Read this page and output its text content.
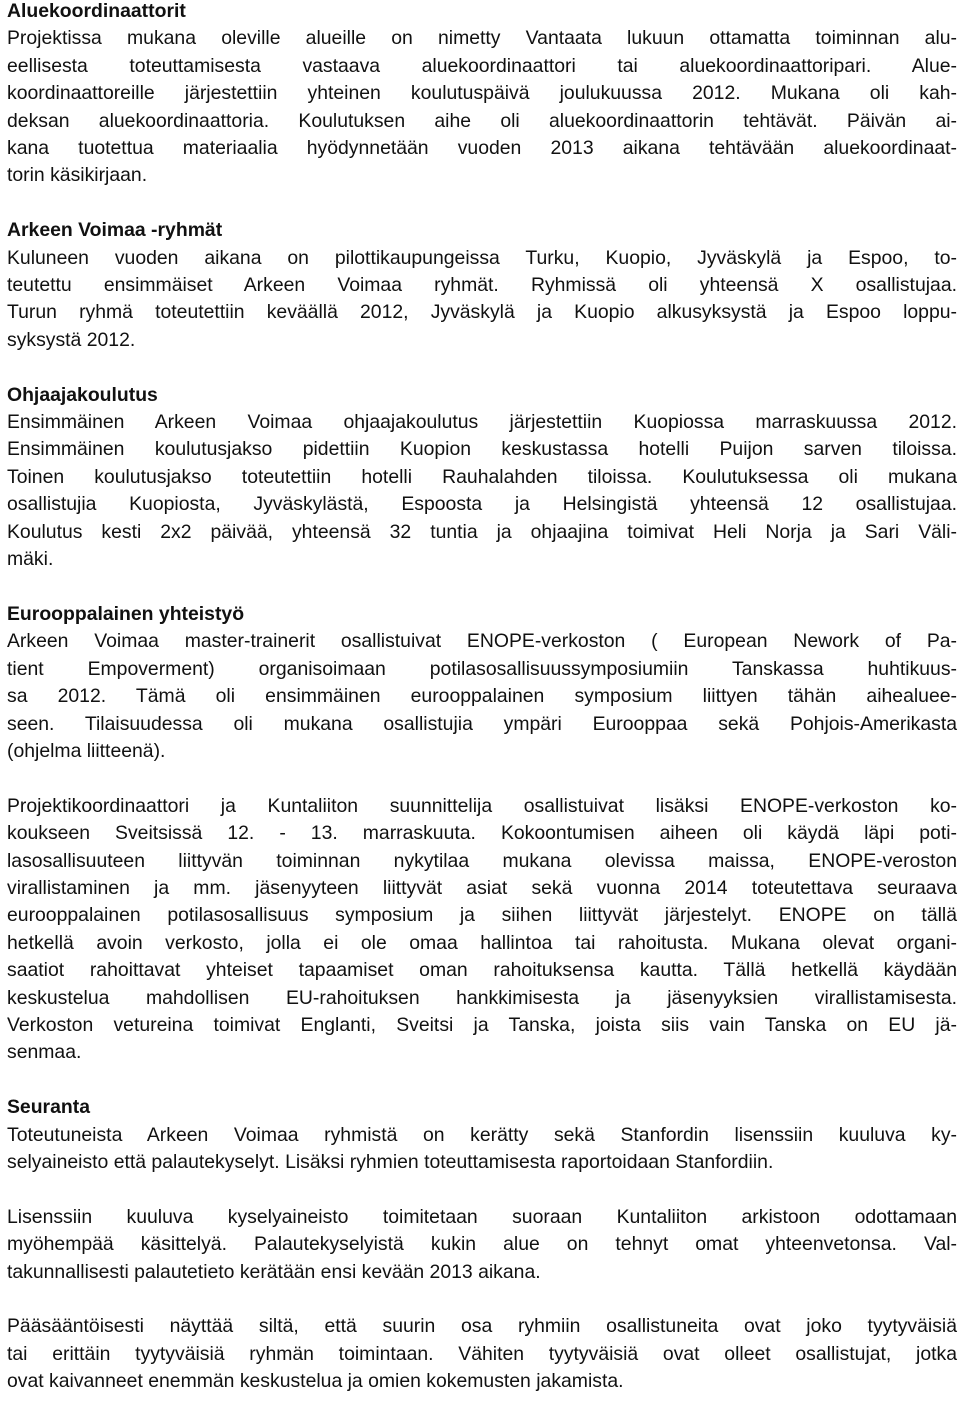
Aluekoordinaattorit
Projektissa mukana oleville alueille on nimetty Vantaata lukuun ottamatta toiminnan alu-
eellisesta toteuttamisesta vastaava aluekoordinaattori tai aluekoordinaattoripari. Alue-
koordinaattoreille järjestettiin yhteinen koulutuspäivä joulukuussa 2012. Mukana oli kah-
deksan aluekoordinaattoria. Koulutuksen aihe oli aluekoordinaattorin tehtävät. Päivän ai-
kana tuotettua materiaalia hyödynnetään vuoden 2013 aikana tehtävään aluekoordinaat-
torin käsikirjaan.
Arkeen Voimaa -ryhmät
Kuluneen vuoden aikana on pilottikaupungeissa Turku, Kuopio, Jyväskylä ja Espoo, to-
teutettu ensimmäiset Arkeen Voimaa ryhmät. Ryhmissä oli yhteensä X osallistujaa.
Turun ryhmä toteutettiin keväällä 2012, Jyväskylä ja Kuopio alkusyksystä ja Espoo loppu-
syksystä 2012.
Ohjaajakoulutus
Ensimmäinen Arkeen Voimaa ohjaajakoulutus järjestettiin Kuopiossa marraskuussa 2012.
Ensimmäinen koulutusjakso pidettiin Kuopion keskustassa hotelli Puijon sarven tiloissa.
Toinen koulutusjakso toteutettiin hotelli Rauhalahden tiloissa. Koulutuksessa oli mukana
osallistujia Kuopiosta, Jyväskylästä, Espoosta ja Helsingistä yhteensä 12 osallistujaa.
Koulutus kesti 2x2 päivää, yhteensä 32 tuntia ja ohjaajina toimivat Heli Norja ja Sari Väli-
mäki.
Eurooppalainen yhteistyö
Arkeen Voimaa master-trainerit osallistuivat ENOPE-verkoston ( European Nework of Pa-
tient Empoverment) organisoimaan potilasosallisuussymposiumiin Tanskassa huhtikuus-
sa 2012. Tämä oli ensimmäinen eurooppalainen symposium liittyen tähän aihealuee-
seen. Tilaisuudessa oli mukana osallistujia ympäri Eurooppaa sekä Pohjois-Amerikasta
(ohjelma liitteenä).
Projektikoordinaattori ja Kuntaliiton suunnittelija osallistuivat lisäksi ENOPE-verkoston ko-
koukseen Sveitsissä 12. - 13. marraskuuta. Kokoontumisen aiheen oli käydä läpi poti-
lasosallisuuteen liittyvän toiminnan nykytilaa mukana olevissa maissa, ENOPE-veroston
virallistaminen ja mm. jäsenyyteen liittyvät asiat sekä vuonna 2014 toteutettava seuraava
eurooppalainen potilasosallisuus symposium ja siihen liittyvät järjestelyt. ENOPE on tällä
hetkellä avoin verkosto, jolla ei ole omaa hallintoa tai rahoitusta. Mukana olevat organi-
saatiot rahoittavat yhteiset tapaamiset oman rahoituksensa kautta. Tällä hetkellä käydään
keskustelua mahdollisen EU-rahoituksen hankkimisesta ja jäsenyyksien virallistamisesta.
Verkoston vetureina toimivat Englanti, Sveitsi ja Tanska, joista siis vain Tanska on EU jä-
senmaa.
Seuranta
Toteutuneista Arkeen Voimaa ryhmistä on kerätty sekä Stanfordin lisenssiin kuuluva ky-
selyaineisto että palautekyselyt. Lisäksi ryhmien toteuttamisesta raportoidaan Stanfordiin.
Lisenssiin kuuluva kyselyaineisto toimitetaan suoraan Kuntaliiton arkistoon odottamaan
myöhempää käsittelyä. Palautekyselyistä kukin alue on tehnyt omat yhteenvetonsa. Val-
takunnallisesti palautetieto kerätään ensi kevään 2013 aikana.
Pääsääntöisesti näyttää siltä, että suurin osa ryhmiin osallistuneita ovat joko tyytyväisiä
tai erittäin tyytyväisiä ryhmän toimintaan. Vähiten tyytyväisiä ovat olleet osallistujat, jotka
ovat kaivanneet enemmän keskustelua ja omien kokemusten jakamista.
